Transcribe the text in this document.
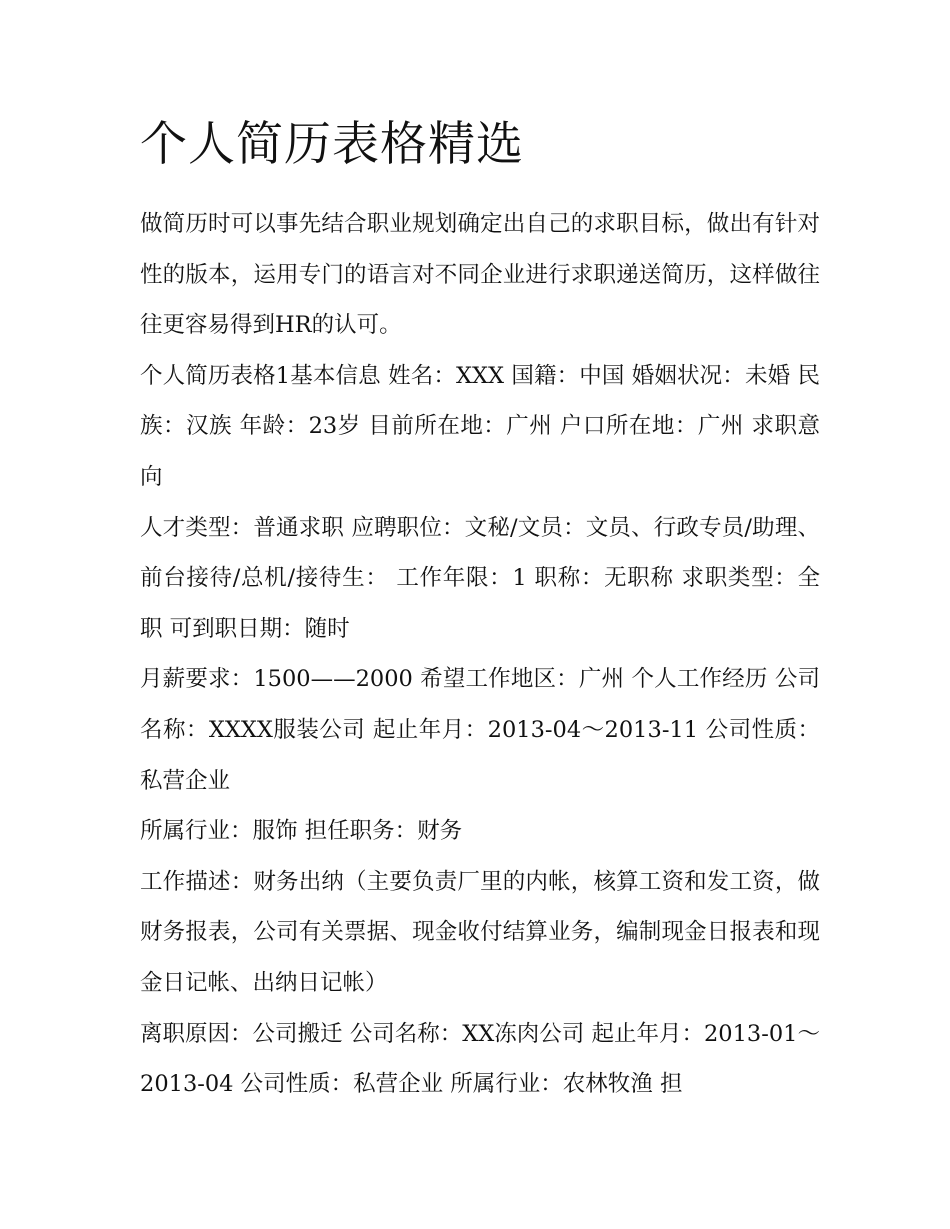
个人简历表格精选

做简历时可以事先结合职业规划确定出自己的求职目标，做出有针对性的版本，运用专门的语言对不同企业进行求职递送简历，这样做往往更容易得到HR的认可。

个人简历表格1基本信息 姓名：XXX 国籍：中国 婚姻状况：未婚 民族：汉族 年龄：23岁 目前所在地：广州 户口所在地：广州 求职意向

人才类型：普通求职 应聘职位：文秘/文员：文员、行政专员/助理、前台接待/总机/接待生： 工作年限：1 职称：无职称 求职类型：全职 可到职日期：随时

月薪要求：1500——2000 希望工作地区：广州 个人工作经历 公司名称：XXXX服装公司 起止年月：2013-04～2013-11 公司性质：私营企业

所属行业：服饰 担任职务：财务

工作描述：财务出纳（主要负责厂里的内帐，核算工资和发工资，做财务报表，公司有关票据、现金收付结算业务，编制现金日报表和现金日记帐、出纳日记帐）

离职原因：公司搬迁 公司名称：XX冻肉公司 起止年月：2013-01～2013-04 公司性质：私营企业 所属行业：农林牧渔 担
